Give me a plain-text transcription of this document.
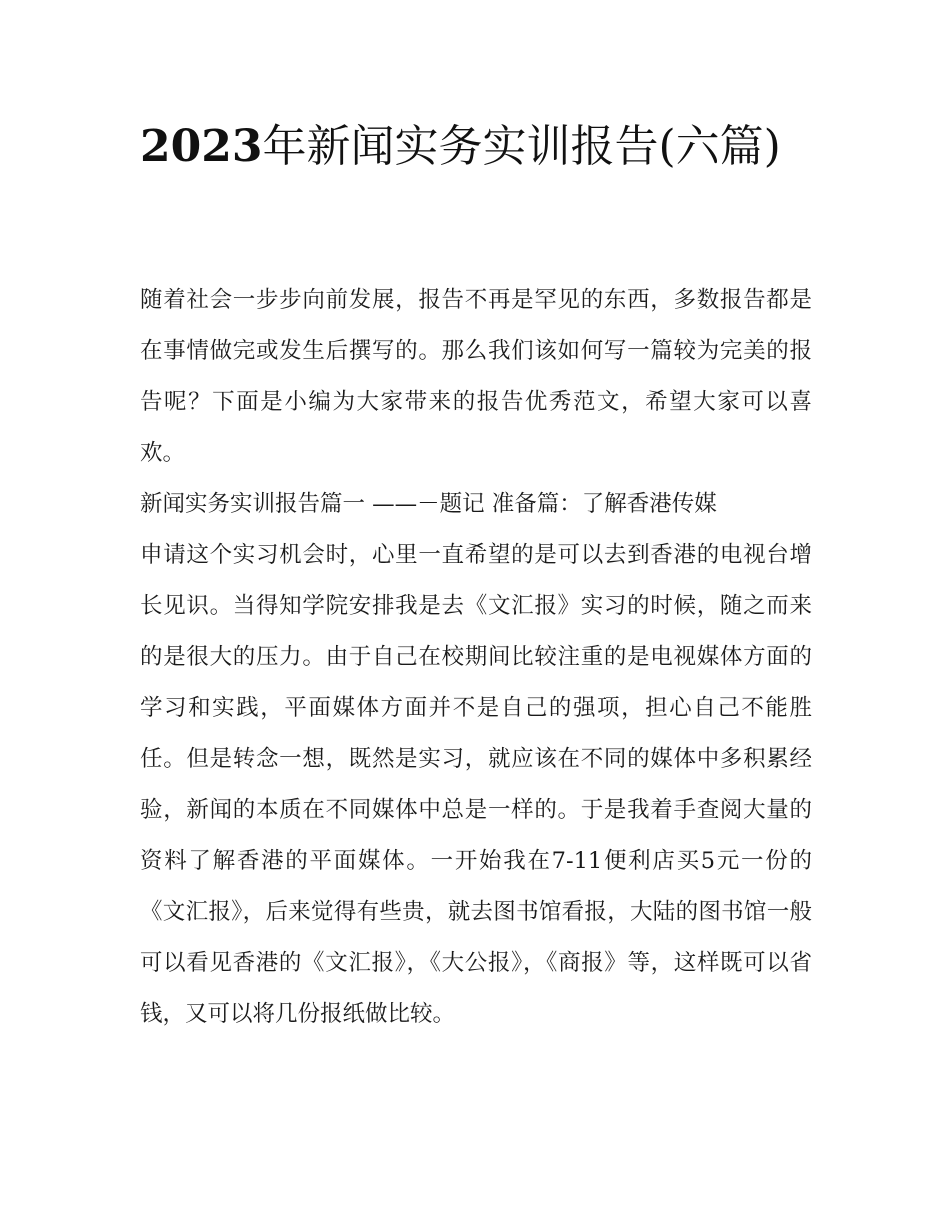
2023年新闻实务实训报告(六篇)

随着社会一步步向前发展，报告不再是罕见的东西，多数报告都是在事情做完或发生后撰写的。那么我们该如何写一篇较为完美的报告呢？下面是小编为大家带来的报告优秀范文，希望大家可以喜欢。

新闻实务实训报告篇一 ——－题记 准备篇：了解香港传媒

申请这个实习机会时，心里一直希望的是可以去到香港的电视台增长见识。当得知学院安排我是去《文汇报》实习的时候，随之而来的是很大的压力。由于自己在校期间比较注重的是电视媒体方面的学习和实践，平面媒体方面并不是自己的强项，担心自己不能胜任。但是转念一想，既然是实习，就应该在不同的媒体中多积累经验，新闻的本质在不同媒体中总是一样的。于是我着手查阅大量的资料了解香港的平面媒体。一开始我在7-11便利店买5元一份的《文汇报》，后来觉得有些贵，就去图书馆看报，大陆的图书馆一般可以看见香港的《文汇报》，《大公报》，《商报》等，这样既可以省钱，又可以将几份报纸做比较。
